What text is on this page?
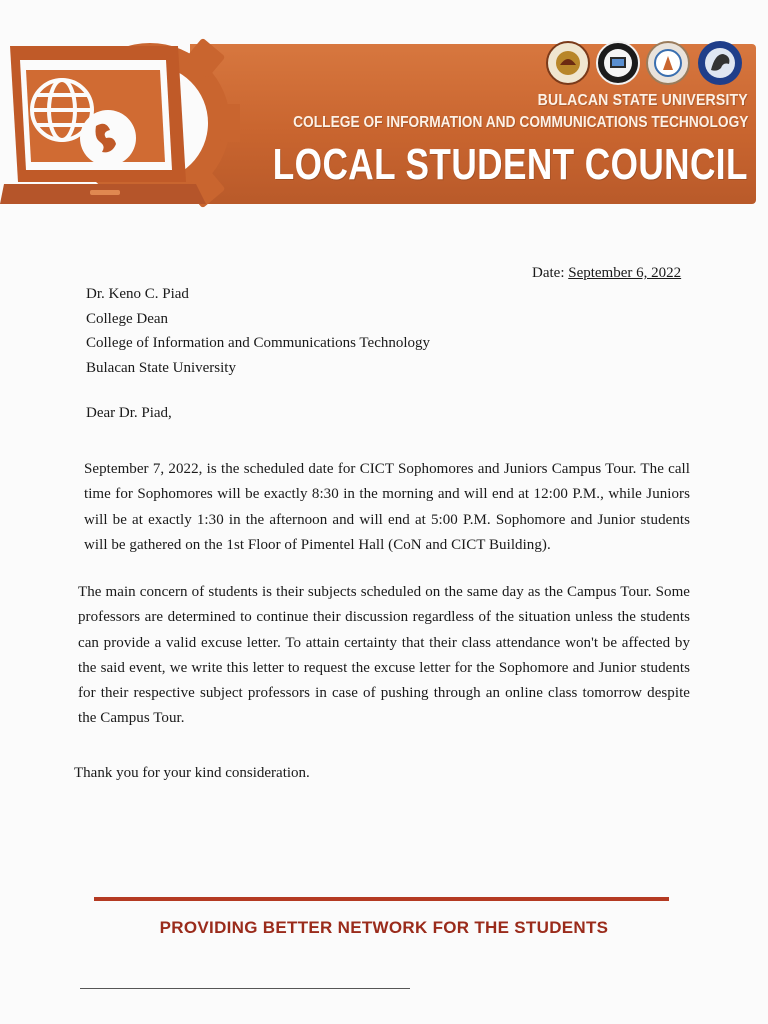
BULACAN STATE UNIVERSITY
COLLEGE OF INFORMATION AND COMMUNICATIONS TECHNOLOGY
LOCAL STUDENT COUNCIL
Date: September 6, 2022
Dr. Keno C. Piad
College Dean
College of Information and Communications Technology
Bulacan State University
Dear Dr. Piad,
September 7, 2022, is the scheduled date for CICT Sophomores and Juniors Campus Tour. The call time for Sophomores will be exactly 8:30 in the morning and will end at 12:00 P.M., while Juniors will be at exactly 1:30 in the afternoon and will end at 5:00 P.M. Sophomore and Junior students will be gathered on the 1st Floor of Pimentel Hall (CoN and CICT Building).
The main concern of students is their subjects scheduled on the same day as the Campus Tour. Some professors are determined to continue their discussion regardless of the situation unless the students can provide a valid excuse letter. To attain certainty that their class attendance won't be affected by the said event, we write this letter to request the excuse letter for the Sophomore and Junior students for their respective subject professors in case of pushing through an online class tomorrow despite the Campus Tour.
Thank you for your kind consideration.
PROVIDING BETTER NETWORK FOR THE STUDENTS
